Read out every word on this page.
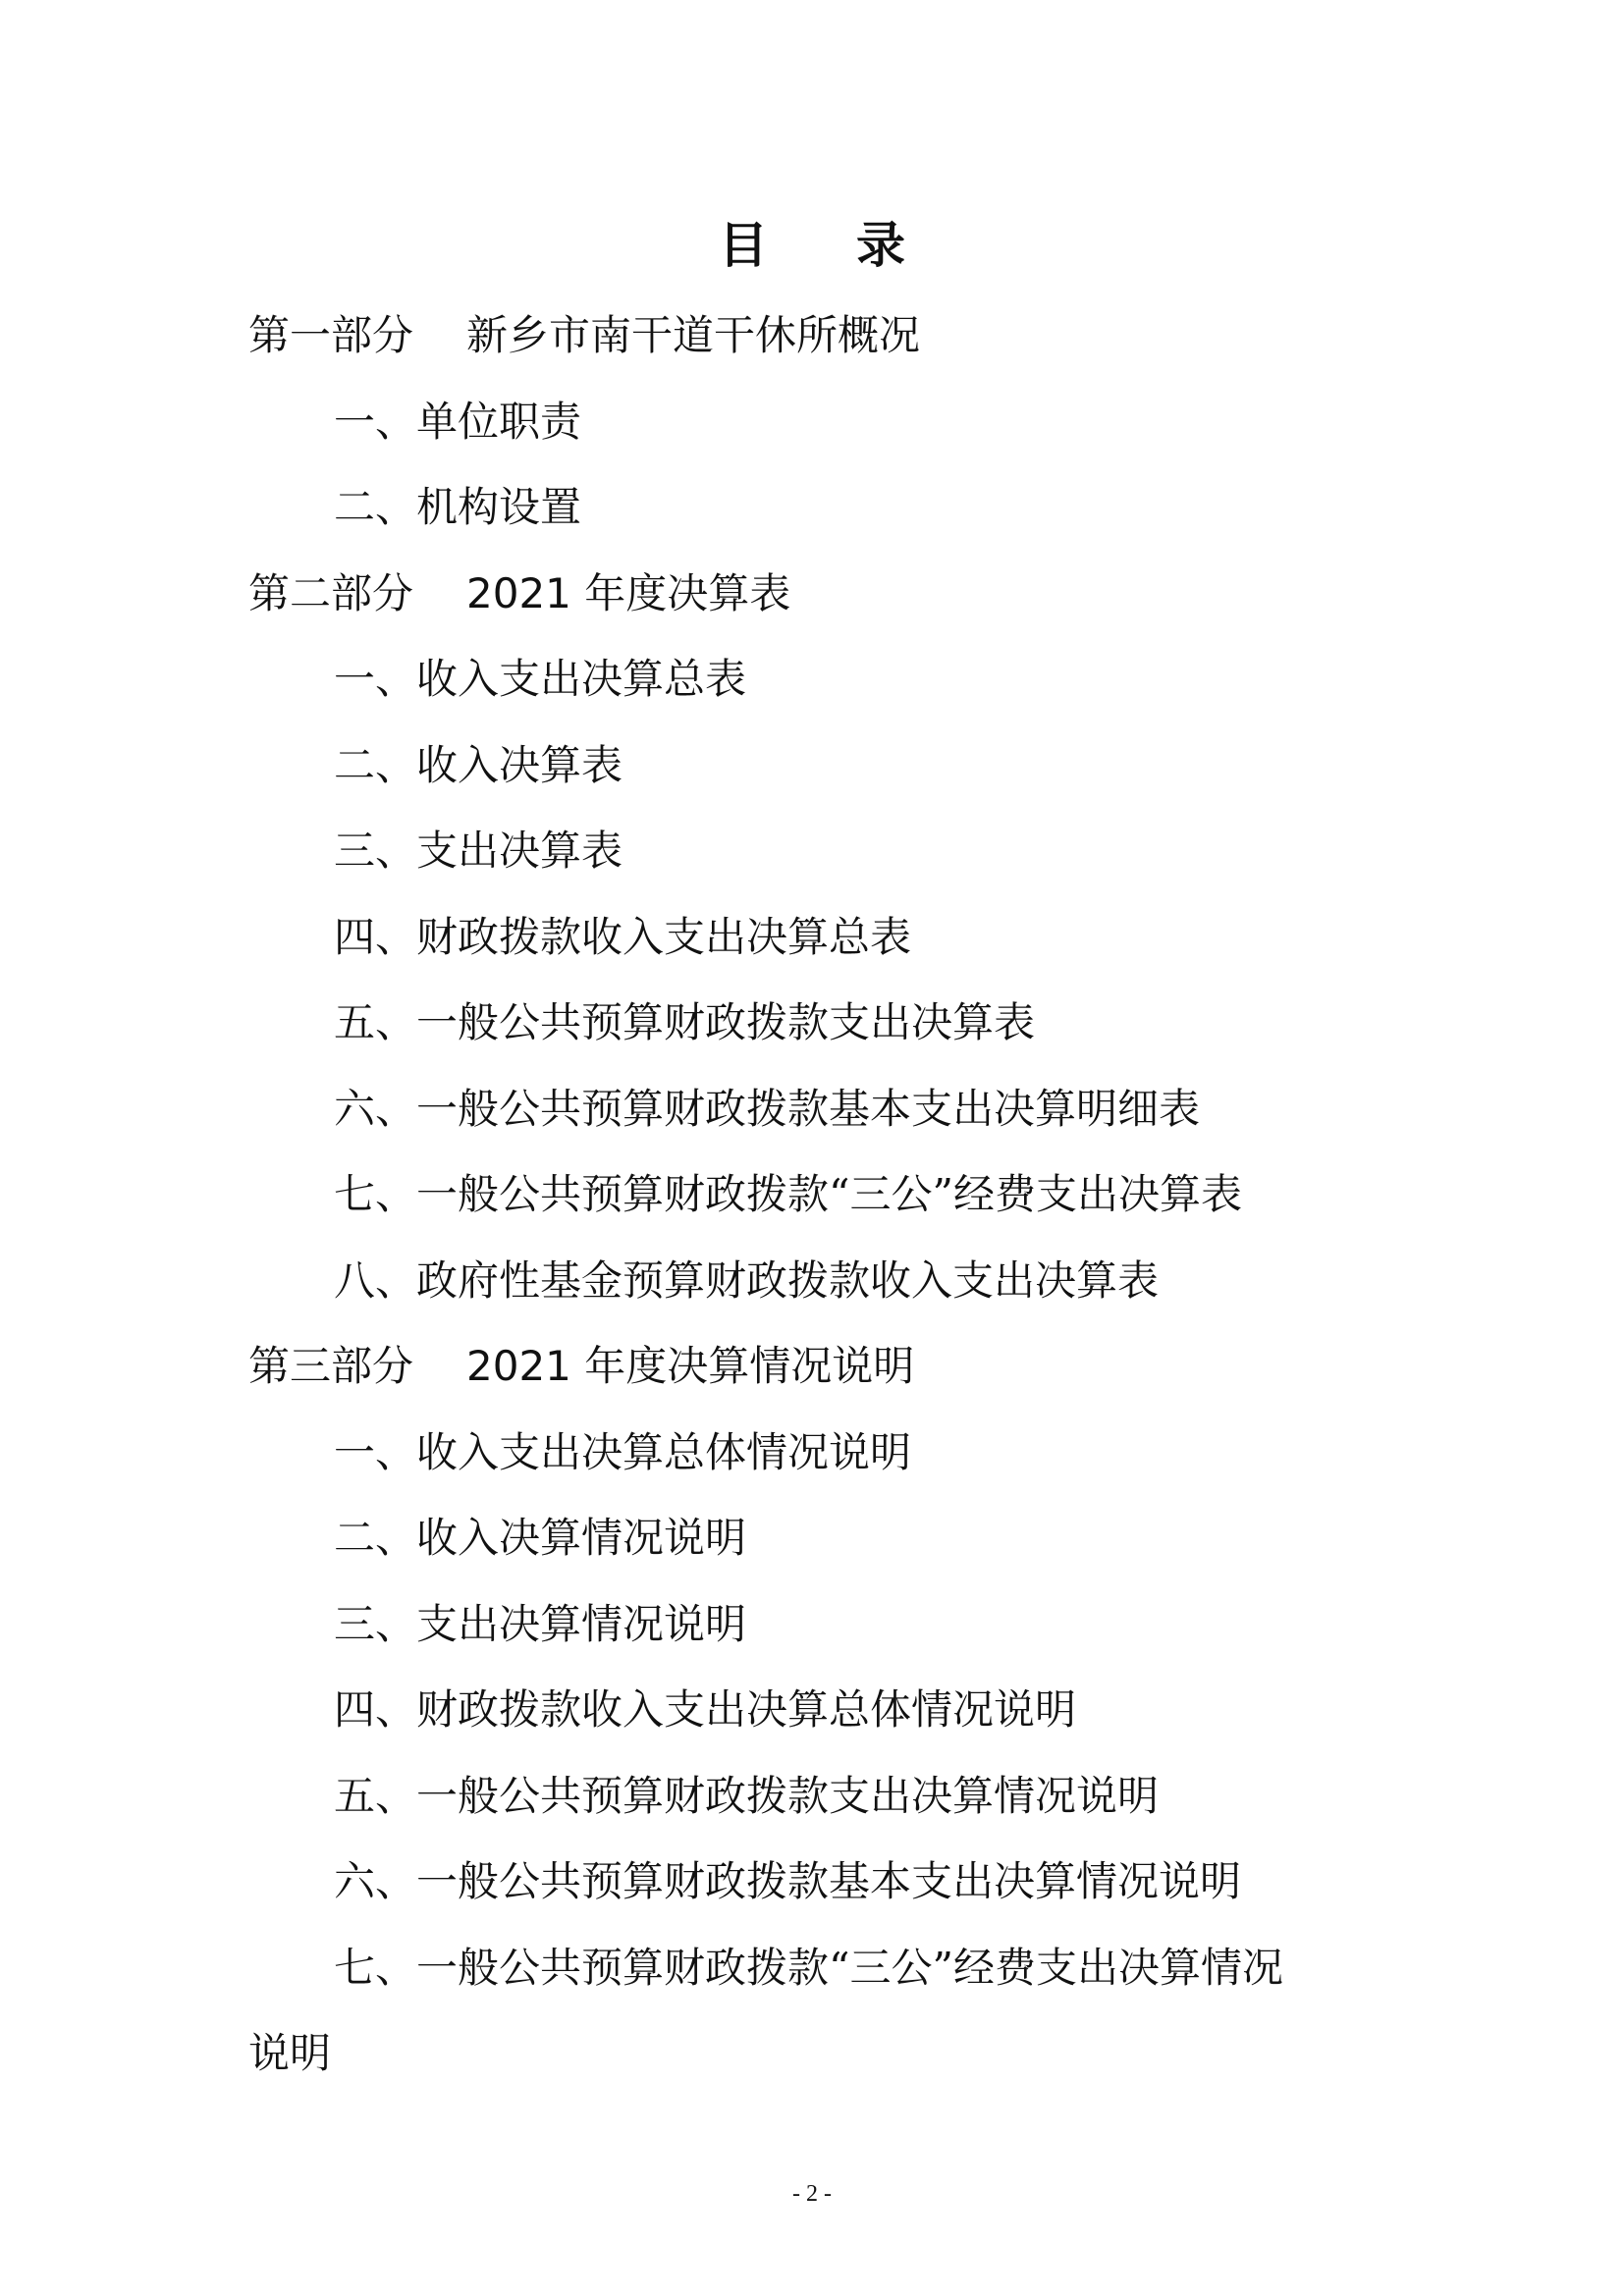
目录
第一部分 新乡市南干道干休所概况
一、单位职责
二、机构设置
第二部分 2021 年度决算表
一、收入支出决算总表
二、收入决算表
三、支出决算表
四、财政拨款收入支出决算总表
五、一般公共预算财政拨款支出决算表
六、一般公共预算财政拨款基本支出决算明细表
七、一般公共预算财政拨款“三公”经费支出决算表
八、政府性基金预算财政拨款收入支出决算表
第三部分 2021 年度决算情况说明
一、收入支出决算总体情况说明
二、收入决算情况说明
三、支出决算情况说明
四、财政拨款收入支出决算总体情况说明
五、一般公共预算财政拨款支出决算情况说明
六、一般公共预算财政拨款基本支出决算情况说明
七、一般公共预算财政拨款“三公”经费支出决算情况
说明
- 2 -
